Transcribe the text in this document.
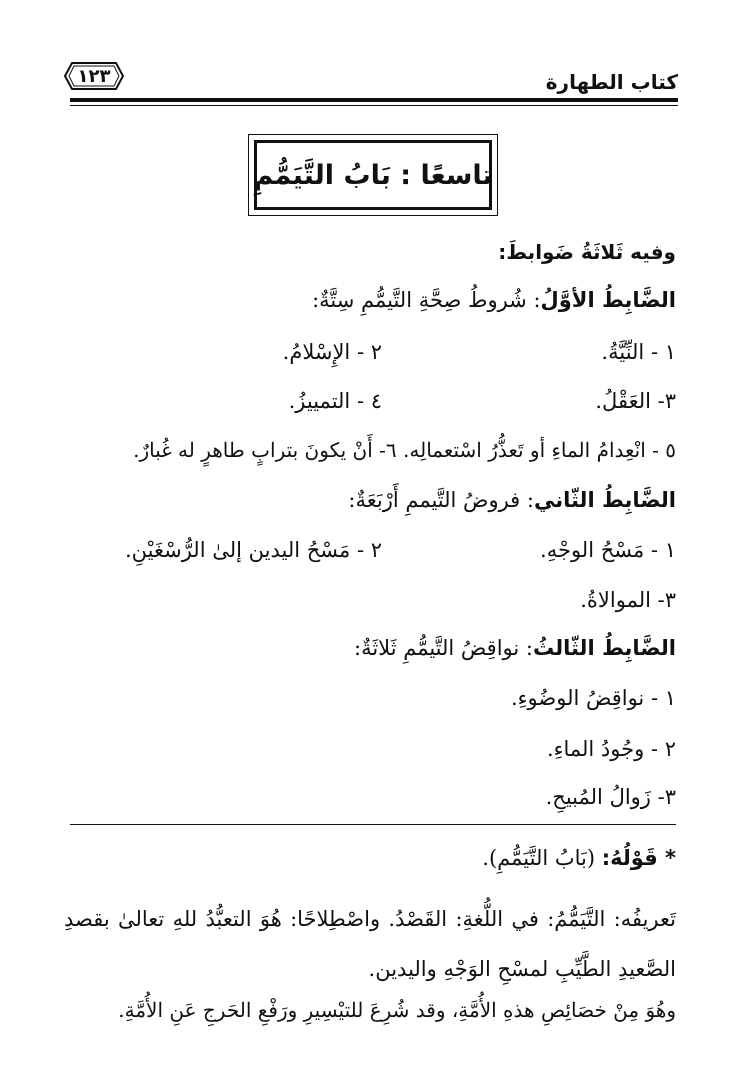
كتاب الطهارة
١٢٣
تاسعًا : بَابُ التَّيَمُّمِ
وفيه ثَلاثَةُ ضَوابطَ:
الضَّابِطُ الأوَّلُ: شُروطُ صِحَّةِ التَّيمُّمِ سِتَّةٌ:
١ - النِّيَّةُ.
٢ - الإِسْلامُ.
٣- العَقْلُ.
٤ - التمييزُ.
٥ - انْعِدامُ الماءِ أو تَعذُّرُ اسْتعمالِه. ٦- أَنْ يكونَ بترابٍ طاهرٍ له غُبارٌ.
الضَّابِطُ الثّاني: فروضُ التَّيممِ أَرْبَعَةٌ:
١ - مَسْحُ الوجْهِ.
٢ - مَسْحُ اليدين إلىٰ الرُّسْغَيْنِ.
٣- الموالاةُ.
الضَّابِطُ الثّالثُ: نواقِضُ التَّيمُّمِ ثَلاثَةٌ:
١ - نواقِضُ الوضُوءِ.
٢ - وجُودُ الماءِ.
٣- زَوالُ المُبيحِ.
* قَوْلُهُ: (بَابُ التَّيَمُّمِ).
تَعريفُه: التَّيَمُّمُ: في اللُّغةِ: القَصْدُ. واصْطِلاحًا: هُوَ التعبُّدُ للهِ تعالىٰ بقصدِ الصَّعيدِ الطَّيِّبِ لمسْحِ الوَجْهِ واليدين.
وهُوَ مِنْ خصَائِصِ هذهِ الأُمَّةِ، وقد شُرِعَ للتيْسِيرِ ورَفْعِ الحَرجِ عَنِ الأُمَّةِ.
